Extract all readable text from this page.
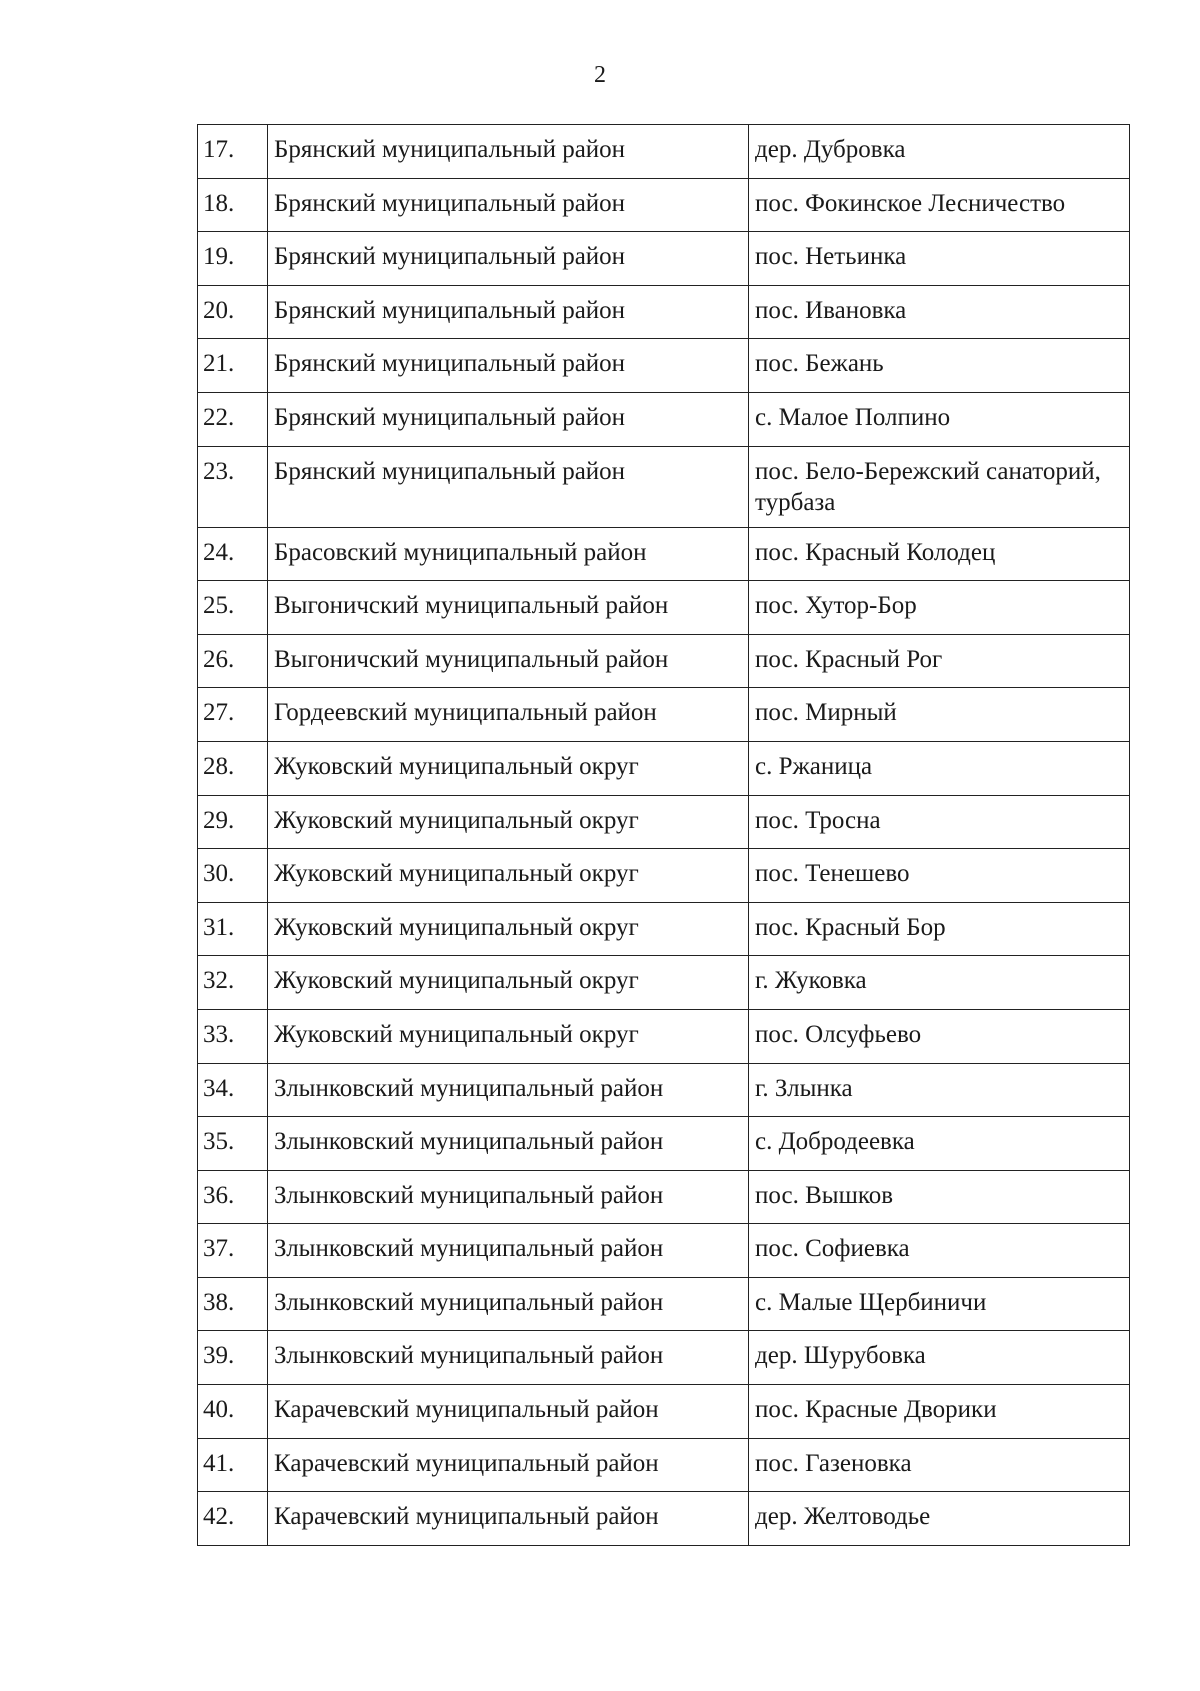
2
17.	Брянский муниципальный район	дер. Дубровка
18.	Брянский муниципальный район	пос. Фокинское Лесничество
19.	Брянский муниципальный район	пос. Нетьинка
20.	Брянский муниципальный район	пос. Ивановка
21.	Брянский муниципальный район	пос. Бежань
22.	Брянский муниципальный район	с. Малое Полпино
23.	Брянский муниципальный район	пос. Бело-Бережский санаторий, турбаза
24.	Брасовский муниципальный район	пос. Красный Колодец
25.	Выгоничский муниципальный район	пос. Хутор-Бор
26.	Выгоничский муниципальный район	пос. Красный Рог
27.	Гордеевский муниципальный район	пос. Мирный
28.	Жуковский муниципальный округ	с. Ржаница
29.	Жуковский муниципальный округ	пос. Тросна
30.	Жуковский муниципальный округ	пос. Тенешево
31.	Жуковский муниципальный округ	пос. Красный Бор
32.	Жуковский муниципальный округ	г. Жуковка
33.	Жуковский муниципальный округ	пос. Олсуфьево
34.	Злынковский муниципальный район	г. Злынка
35.	Злынковский муниципальный район	с. Добродеевка
36.	Злынковский муниципальный район	пос. Вышков
37.	Злынковский муниципальный район	пос. Софиевка
38.	Злынковский муниципальный район	с. Малые Щербиничи
39.	Злынковский муниципальный район	дер. Шурубовка
40.	Карачевский муниципальный район	пос. Красные Дворики
41.	Карачевский муниципальный район	пос. Газеновка
42.	Карачевский муниципальный район	дер. Желтоводье
